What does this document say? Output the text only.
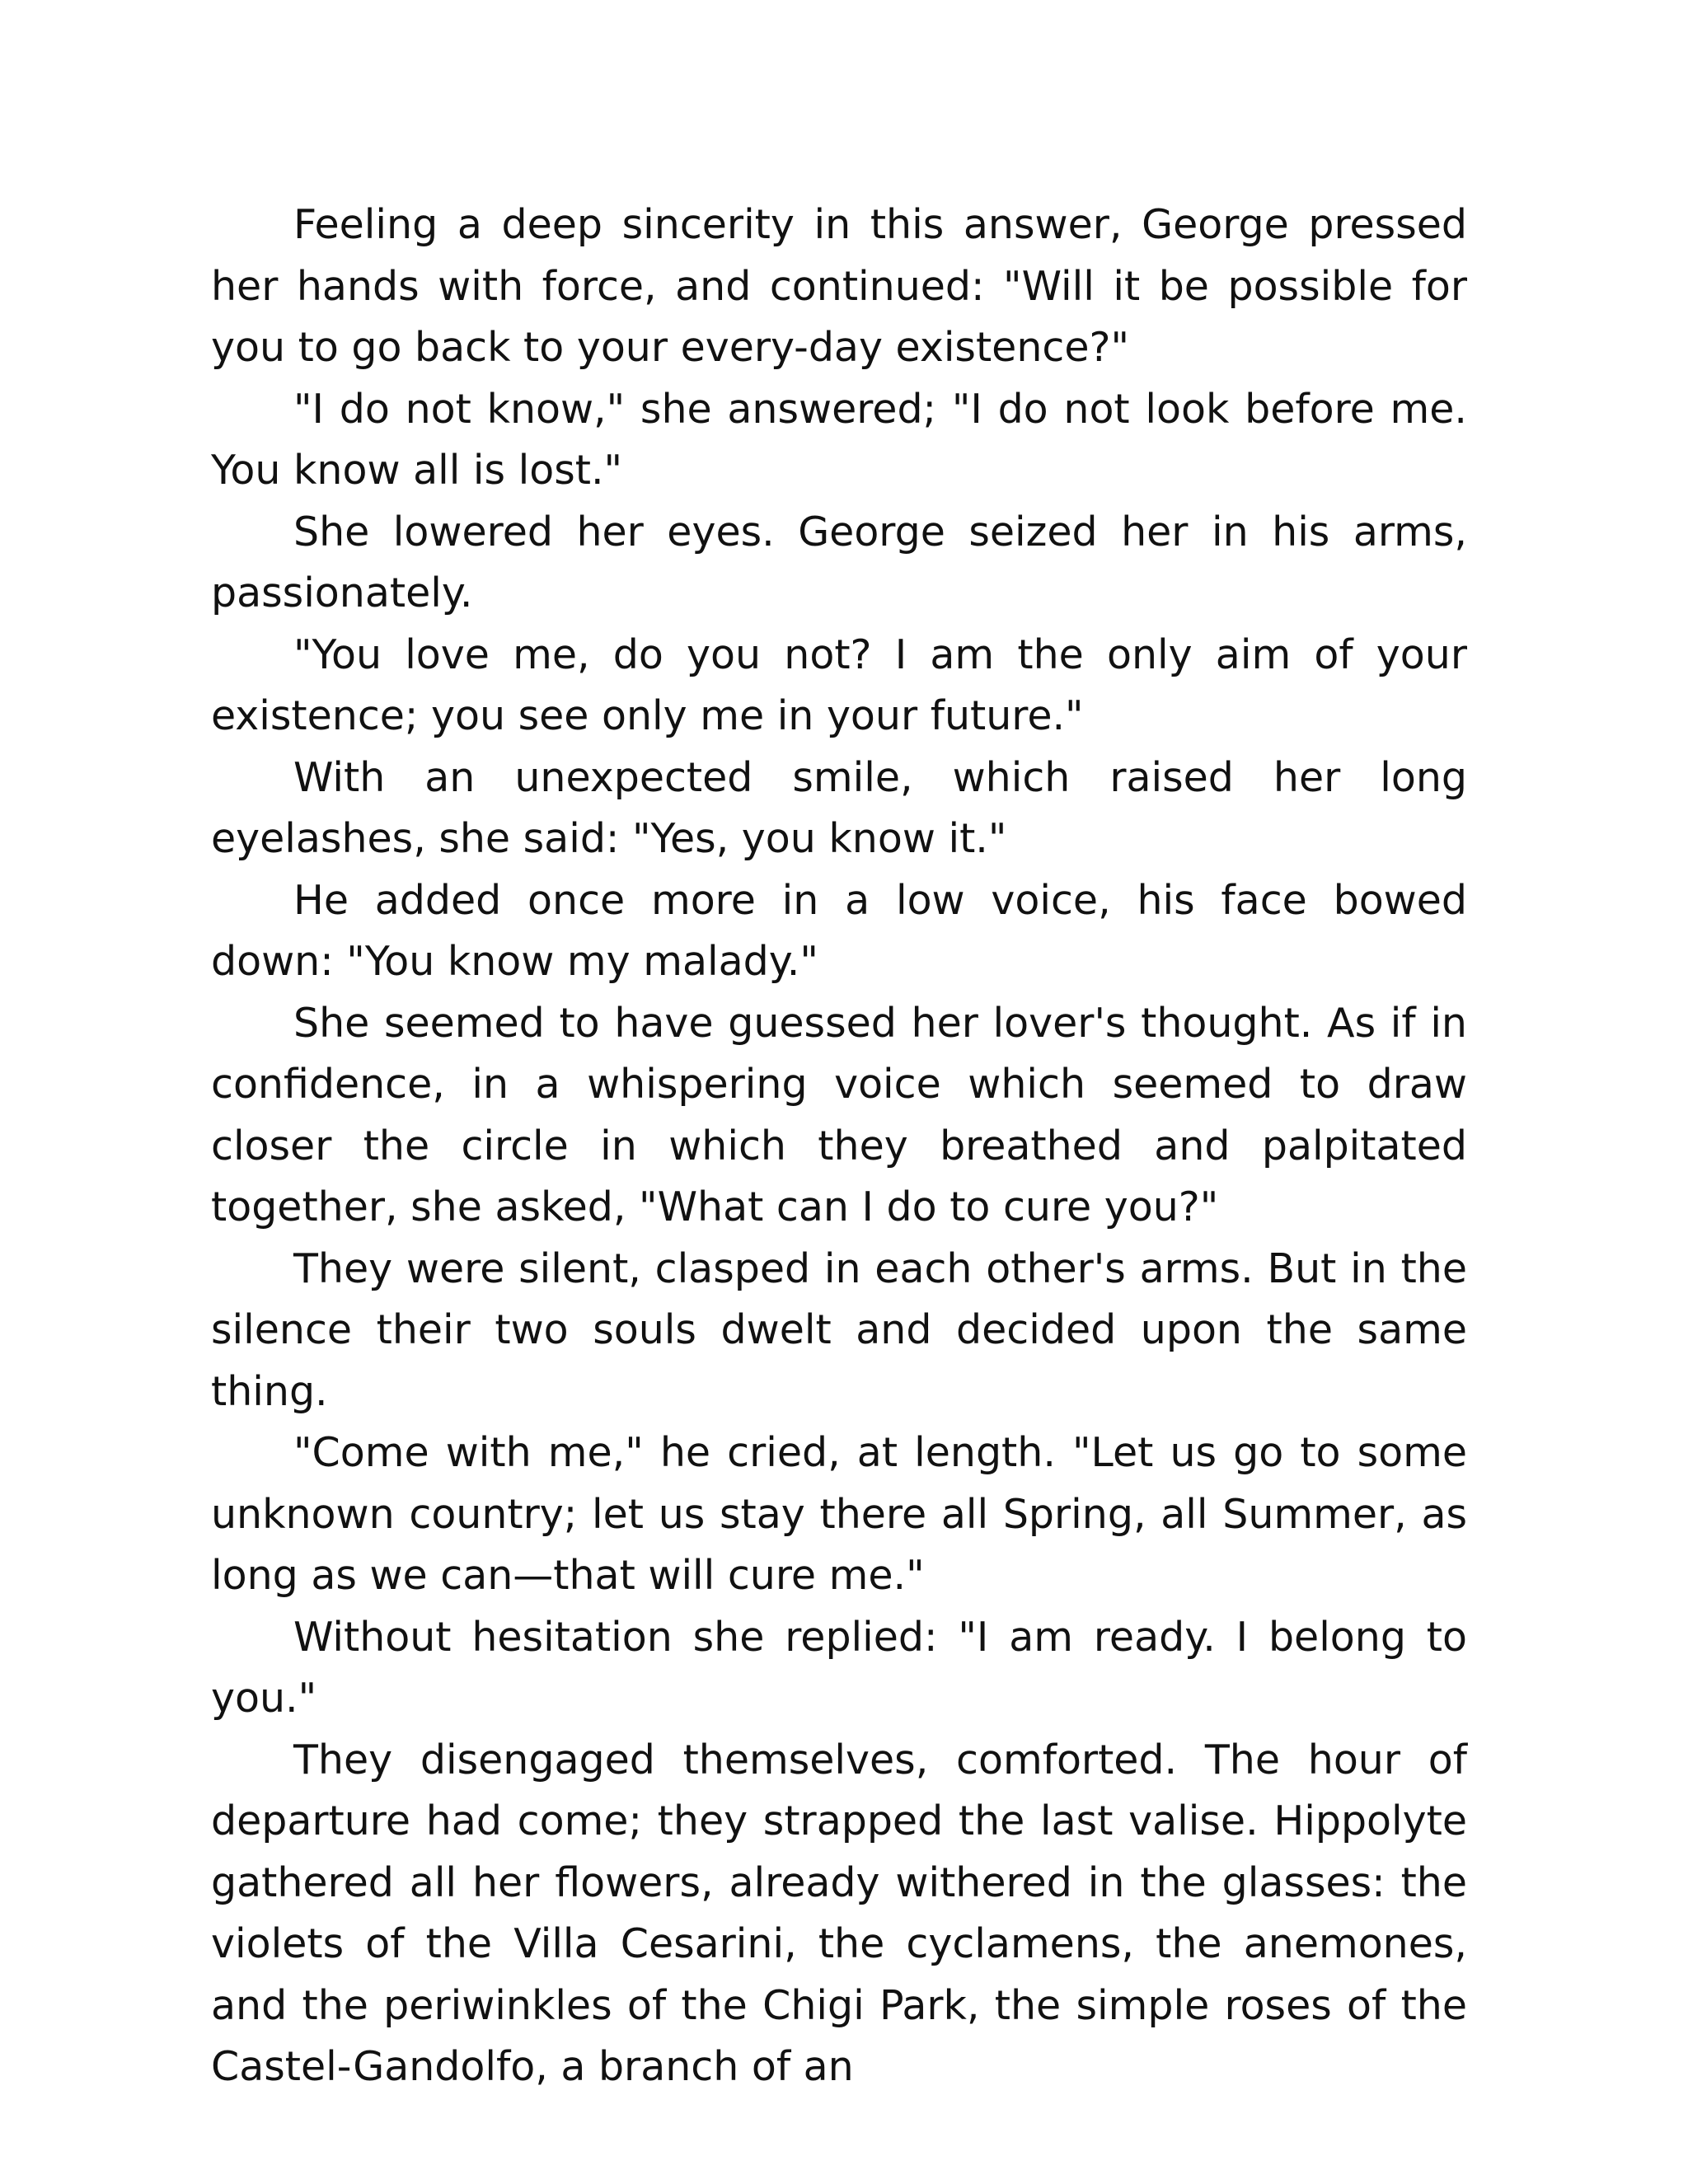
Feeling a deep sincerity in this answer, George pressed her hands with force, and continued: "Will it be possible for you to go back to your every-day existence?"

"I do not know," she answered; "I do not look before me. You know all is lost."

She lowered her eyes. George seized her in his arms, passionately.

"You love me, do you not? I am the only aim of your existence; you see only me in your future."

With an unexpected smile, which raised her long eyelashes, she said: "Yes, you know it."

He added once more in a low voice, his face bowed down: "You know my malady."

She seemed to have guessed her lover's thought. As if in confidence, in a whispering voice which seemed to draw closer the circle in which they breathed and palpitated together, she asked, "What can I do to cure you?"

They were silent, clasped in each other's arms. But in the silence their two souls dwelt and decided upon the same thing.

"Come with me," he cried, at length. "Let us go to some unknown country; let us stay there all Spring, all Summer, as long as we can—that will cure me."

Without hesitation she replied: "I am ready. I belong to you."

They disengaged themselves, comforted. The hour of departure had come; they strapped the last valise. Hippolyte gathered all her flowers, already withered in the glasses: the violets of the Villa Cesarini, the cyclamens, the anemones, and the periwinkles of the Chigi Park, the simple roses of the Castel-Gandolfo, a branch of an
